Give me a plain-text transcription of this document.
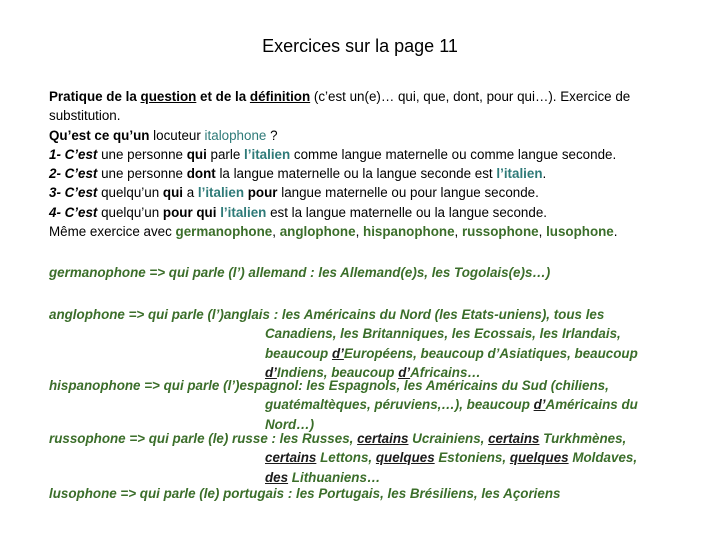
Exercices sur la page 11

Pratique de la question et de la définition (c’est un(e)… qui, que, dont, pour qui…). Exercice de substitution.

Qu’est ce qu’un locuteur italophone ?

1- C’est une personne qui parle l’italien comme langue maternelle ou comme langue seconde.

2- C’est une personne dont la langue maternelle ou la langue seconde est l’italien.

3- C’est quelqu’un qui a l’italien pour langue maternelle ou pour langue seconde.

4- C’est quelqu’un pour qui l’italien est la langue maternelle ou la langue seconde.

Même exercice avec germanophone, anglophone, hispanophone, russophone, lusophone.

germanophone => qui parle (l’) allemand : les Allemand(e)s, les Togolais(e)s…)

anglophone => qui parle (l’)anglais : les Américains du Nord (les Etats-uniens), tous les

Canadiens, les Britanniques, les Ecossais, les Irlandais,

beaucoup d’Européens, beaucoup d’Asiatiques, beaucoup

d’Indiens, beaucoup d’Africains…

hispanophone => qui parle (l’)espagnol: les Espagnols, les Américains du Sud (chiliens,

guatémaltèques, péruviens,…), beaucoup d’Américains du

Nord…)

russophone => qui parle (le) russe : les Russes, certains Ucrainiens, certains Turkhmènes,

certains Lettons, quelques Estoniens, quelques Moldaves,

des Lithuaniens…

lusophone => qui parle (le) portugais : les Portugais, les Brésiliens, les Açoriens
